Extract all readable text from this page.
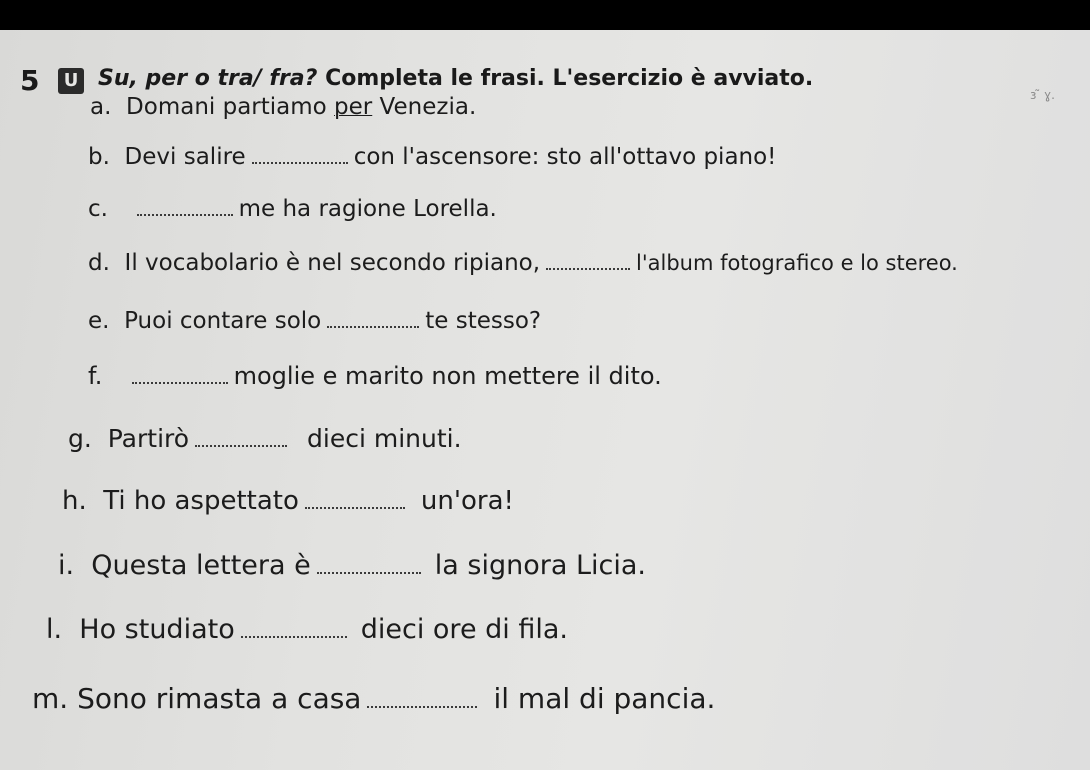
5	U Su, per o tra/ fra? Completa le frasi. L'esercizio è avviato.
ɜ ̃ ɣ.
a.  Domani partiamo per Venezia.
b.  Devi salire	con l'ascensore: sto all'ottavo piano!
c.	me ha ragione Lorella.
d.  Il vocabolario è nel secondo ripiano,	l'album fotografico e lo stereo.
e.  Puoi contare solo	te stesso?
f.	moglie e marito non mettere il dito.
g.  Partirò	dieci minuti.
h.  Ti ho aspettato	un'ora!
i.  Questa lettera è	la signora Licia.
l.  Ho studiato	dieci ore di fila.
m. Sono rimasta a casa	il mal di pancia.
